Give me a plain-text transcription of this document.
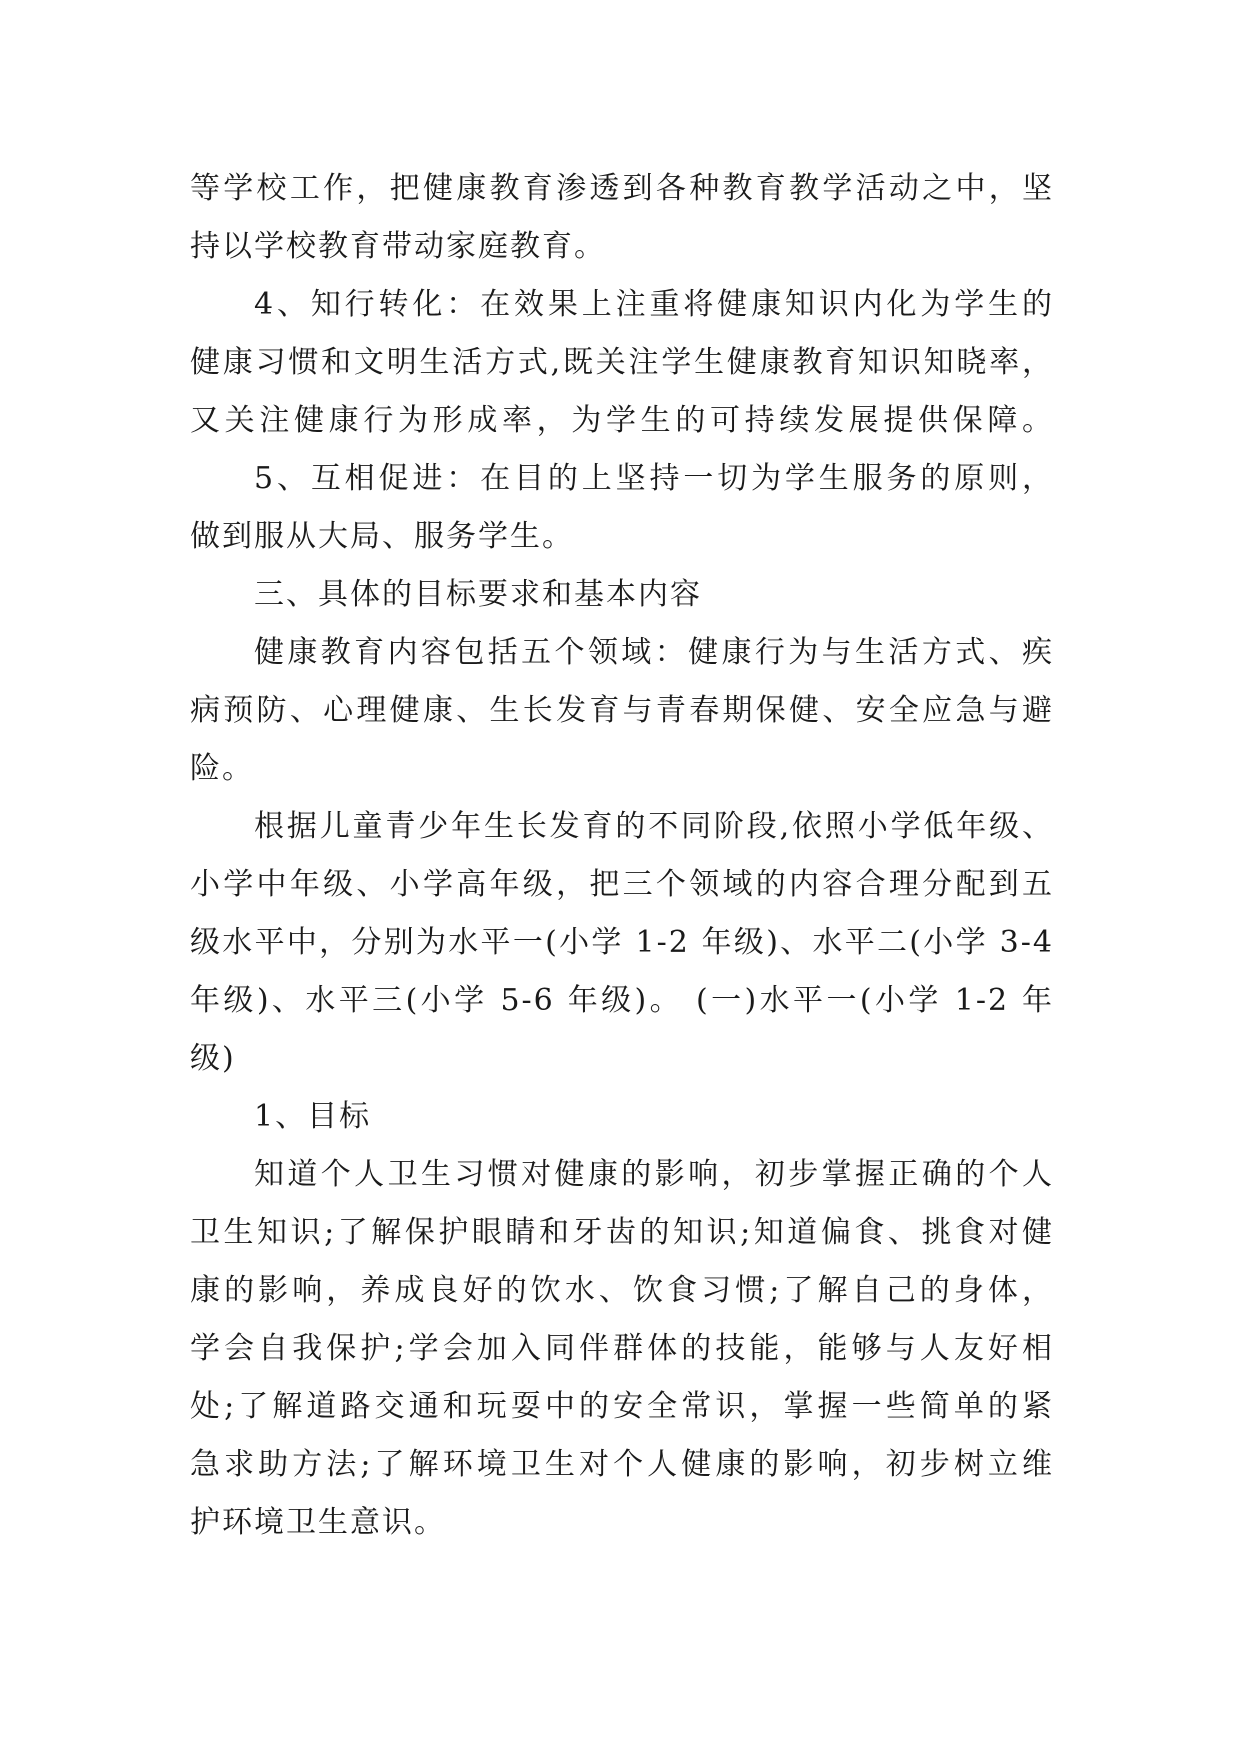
等学校工作，把健康教育渗透到各种教育教学活动之中，坚
持以学校教育带动家庭教育。
4、知行转化：在效果上注重将健康知识内化为学生的
健康习惯和文明生活方式,既关注学生健康教育知识知晓率，
又关注健康行为形成率，为学生的可持续发展提供保障。
5、互相促进：在目的上坚持一切为学生服务的原则，
做到服从大局、服务学生。
三、具体的目标要求和基本内容
健康教育内容包括五个领域：健康行为与生活方式、疾
病预防、心理健康、生长发育与青春期保健、安全应急与避
险。
根据儿童青少年生长发育的不同阶段,依照小学低年级、
小学中年级、小学高年级，把三个领域的内容合理分配到五
级水平中，分别为水平一(小学 1-2 年级)、水平二(小学 3-4
年级)、水平三(小学 5-6 年级)。 (一)水平一(小学 1-2 年
级)
1、目标
知道个人卫生习惯对健康的影响，初步掌握正确的个人
卫生知识;了解保护眼睛和牙齿的知识;知道偏食、挑食对健
康的影响，养成良好的饮水、饮食习惯;了解自己的身体，
学会自我保护;学会加入同伴群体的技能，能够与人友好相
处;了解道路交通和玩耍中的安全常识，掌握一些简单的紧
急求助方法;了解环境卫生对个人健康的影响，初步树立维
护环境卫生意识。
